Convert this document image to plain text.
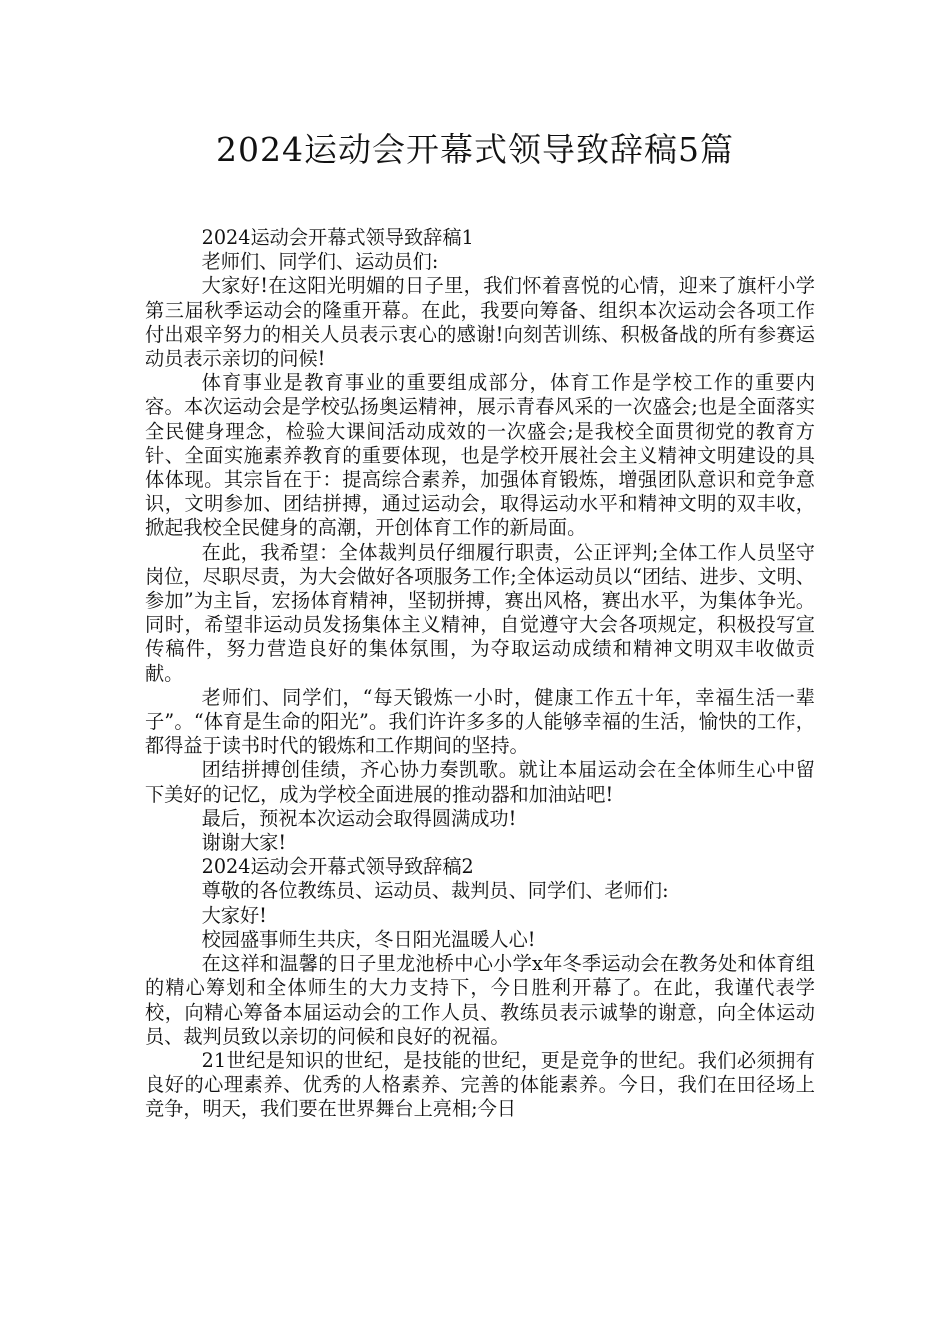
2024运动会开幕式领导致辞稿5篇

2024运动会开幕式领导致辞稿1

老师们、同学们、运动员们:

大家好!在这阳光明媚的日子里，我们怀着喜悦的心情，迎来了旗杆小学第三届秋季运动会的隆重开幕。在此，我要向筹备、组织本次运动会各项工作付出艰辛努力的相关人员表示衷心的感谢!向刻苦训练、积极备战的所有参赛运动员表示亲切的问候!

体育事业是教育事业的重要组成部分，体育工作是学校工作的重要内容。本次运动会是学校弘扬奥运精神，展示青春风采的一次盛会;也是全面落实全民健身理念，检验大课间活动成效的一次盛会;是我校全面贯彻党的教育方针、全面实施素养教育的重要体现，也是学校开展社会主义精神文明建设的具体体现。其宗旨在于：提高综合素养，加强体育锻炼，增强团队意识和竞争意识，文明参加、团结拼搏，通过运动会，取得运动水平和精神文明的双丰收，掀起我校全民健身的高潮，开创体育工作的新局面。

在此，我希望：全体裁判员仔细履行职责，公正评判;全体工作人员坚守岗位，尽职尽责，为大会做好各项服务工作;全体运动员以“团结、进步、文明、参加”为主旨，宏扬体育精神，坚韧拼搏，赛出风格，赛出水平，为集体争光。同时，希望非运动员发扬集体主义精神，自觉遵守大会各项规定，积极投写宣传稿件，努力营造良好的集体氛围，为夺取运动成绩和精神文明双丰收做贡献。

老师们、同学们，“每天锻炼一小时，健康工作五十年，幸福生活一辈子”。“体育是生命的阳光”。我们许许多多的人能够幸福的生活，愉快的工作，都得益于读书时代的锻炼和工作期间的坚持。

团结拼搏创佳绩，齐心协力奏凯歌。就让本届运动会在全体师生心中留下美好的记忆，成为学校全面进展的推动器和加油站吧!

最后，预祝本次运动会取得圆满成功!

谢谢大家!

2024运动会开幕式领导致辞稿2

尊敬的各位教练员、运动员、裁判员、同学们、老师们:

大家好!

校园盛事师生共庆，冬日阳光温暖人心!

在这祥和温馨的日子里龙池桥中心小学x年冬季运动会在教务处和体育组的精心筹划和全体师生的大力支持下，今日胜利开幕了。在此，我谨代表学校，向精心筹备本届运动会的工作人员、教练员表示诚挚的谢意，向全体运动员、裁判员致以亲切的问候和良好的祝福。

21世纪是知识的世纪，是技能的世纪，更是竞争的世纪。我们必须拥有良好的心理素养、优秀的人格素养、完善的体能素养。今日，我们在田径场上竞争，明天，我们要在世界舞台上亮相;今日
